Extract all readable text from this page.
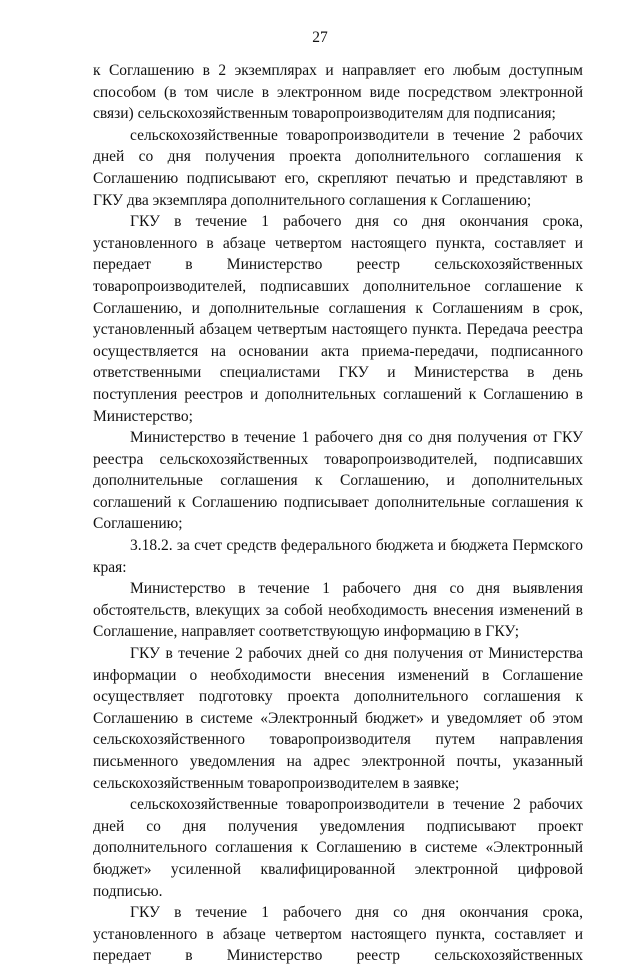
27

к Соглашению в 2 экземплярах и направляет его любым доступным способом (в том числе в электронном виде посредством электронной связи) сельскохозяйственным товаропроизводителям для подписания;

сельскохозяйственные товаропроизводители в течение 2 рабочих дней со дня получения проекта дополнительного соглашения к Соглашению подписывают его, скрепляют печатью и представляют в ГКУ два экземпляра дополнительного соглашения к Соглашению;

ГКУ в течение 1 рабочего дня со дня окончания срока, установленного в абзаце четвертом настоящего пункта, составляет и передает в Министерство реестр сельскохозяйственных товаропроизводителей, подписавших дополнительное соглашение к Соглашению, и дополнительные соглашения к Соглашениям в срок, установленный абзацем четвертым настоящего пункта. Передача реестра осуществляется на основании акта приема-передачи, подписанного ответственными специалистами ГКУ и Министерства в день поступления реестров и дополнительных соглашений к Соглашению в Министерство;

Министерство в течение 1 рабочего дня со дня получения от ГКУ реестра сельскохозяйственных товаропроизводителей, подписавших дополнительные соглашения к Соглашению, и дополнительных соглашений к Соглашению подписывает дополнительные соглашения к Соглашению;

3.18.2. за счет средств федерального бюджета и бюджета Пермского края:

Министерство в течение 1 рабочего дня со дня выявления обстоятельств, влекущих за собой необходимость внесения изменений в Соглашение, направляет соответствующую информацию в ГКУ;

ГКУ в течение 2 рабочих дней со дня получения от Министерства информации о необходимости внесения изменений в Соглашение осуществляет подготовку проекта дополнительного соглашения к Соглашению в системе «Электронный бюджет» и уведомляет об этом сельскохозяйственного товаропроизводителя путем направления письменного уведомления на адрес электронной почты, указанный сельскохозяйственным товаропроизводителем в заявке;

сельскохозяйственные товаропроизводители в течение 2 рабочих дней со дня получения уведомления подписывают проект дополнительного соглашения к Соглашению в системе «Электронный бюджет» усиленной квалифицированной электронной цифровой подписью.

ГКУ в течение 1 рабочего дня со дня окончания срока, установленного в абзаце четвертом настоящего пункта, составляет и передает в Министерство реестр сельскохозяйственных
